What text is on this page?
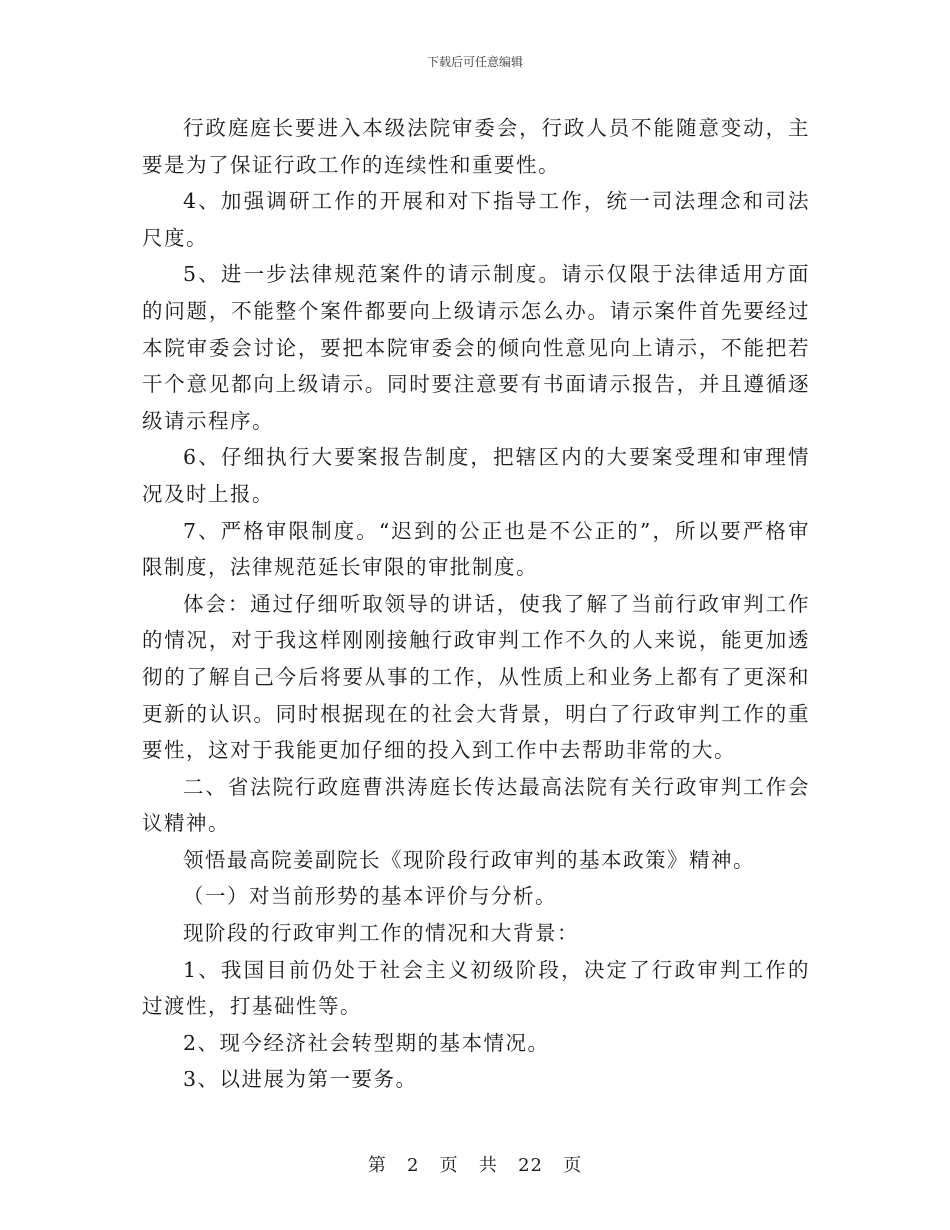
下载后可任意编辑

行政庭庭长要进入本级法院审委会，行政人员不能随意变动，主要是为了保证行政工作的连续性和重要性。

4、加强调研工作的开展和对下指导工作，统一司法理念和司法尺度。

5、进一步法律规范案件的请示制度。请示仅限于法律适用方面的问题，不能整个案件都要向上级请示怎么办。请示案件首先要经过本院审委会讨论，要把本院审委会的倾向性意见向上请示，不能把若干个意见都向上级请示。同时要注意要有书面请示报告，并且遵循逐级请示程序。

6、仔细执行大要案报告制度，把辖区内的大要案受理和审理情况及时上报。

7、严格审限制度。“迟到的公正也是不公正的”，所以要严格审限制度，法律规范延长审限的审批制度。

体会：通过仔细听取领导的讲话，使我了解了当前行政审判工作的情况，对于我这样刚刚接触行政审判工作不久的人来说，能更加透彻的了解自己今后将要从事的工作，从性质上和业务上都有了更深和更新的认识。同时根据现在的社会大背景，明白了行政审判工作的重要性，这对于我能更加仔细的投入到工作中去帮助非常的大。

二、省法院行政庭曹洪涛庭长传达最高法院有关行政审判工作会议精神。

领悟最高院姜副院长《现阶段行政审判的基本政策》精神。

（一）对当前形势的基本评价与分析。

现阶段的行政审判工作的情况和大背景：

1、我国目前仍处于社会主义初级阶段，决定了行政审判工作的过渡性，打基础性等。

2、现今经济社会转型期的基本情况。

3、以进展为第一要务。

第 2 页 共 22 页
